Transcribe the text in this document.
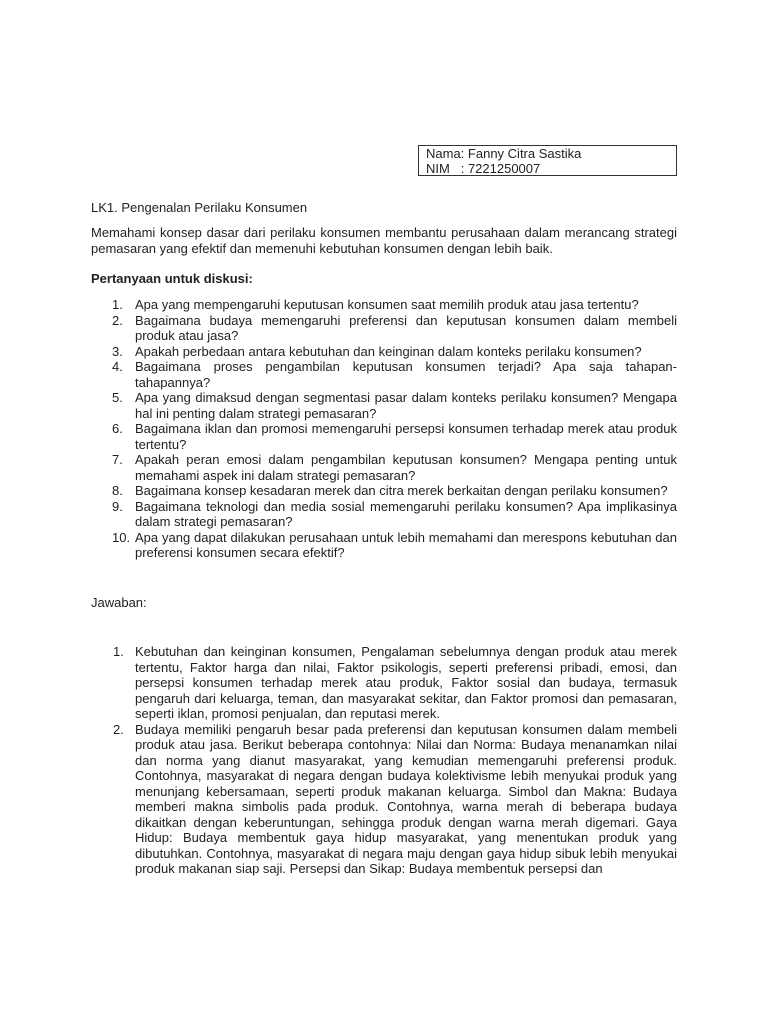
Nama: Fanny Citra Sastika
NIM : 7221250007
LK1. Pengenalan Perilaku Konsumen
Memahami konsep dasar dari perilaku konsumen membantu perusahaan dalam merancang strategi pemasaran yang efektif dan memenuhi kebutuhan konsumen dengan lebih baik.
Pertanyaan untuk diskusi:
1. Apa yang mempengaruhi keputusan konsumen saat memilih produk atau jasa tertentu?
2. Bagaimana budaya memengaruhi preferensi dan keputusan konsumen dalam membeli produk atau jasa?
3. Apakah perbedaan antara kebutuhan dan keinginan dalam konteks perilaku konsumen?
4. Bagaimana proses pengambilan keputusan konsumen terjadi? Apa saja tahapan-tahapannya?
5. Apa yang dimaksud dengan segmentasi pasar dalam konteks perilaku konsumen? Mengapa hal ini penting dalam strategi pemasaran?
6. Bagaimana iklan dan promosi memengaruhi persepsi konsumen terhadap merek atau produk tertentu?
7. Apakah peran emosi dalam pengambilan keputusan konsumen? Mengapa penting untuk memahami aspek ini dalam strategi pemasaran?
8. Bagaimana konsep kesadaran merek dan citra merek berkaitan dengan perilaku konsumen?
9. Bagaimana teknologi dan media sosial memengaruhi perilaku konsumen? Apa implikasinya dalam strategi pemasaran?
10. Apa yang dapat dilakukan perusahaan untuk lebih memahami dan merespons kebutuhan dan preferensi konsumen secara efektif?
Jawaban:
1. Kebutuhan dan keinginan konsumen, Pengalaman sebelumnya dengan produk atau merek tertentu, Faktor harga dan nilai, Faktor psikologis, seperti preferensi pribadi, emosi, dan persepsi konsumen terhadap merek atau produk, Faktor sosial dan budaya, termasuk pengaruh dari keluarga, teman, dan masyarakat sekitar, dan Faktor promosi dan pemasaran, seperti iklan, promosi penjualan, dan reputasi merek.
2. Budaya memiliki pengaruh besar pada preferensi dan keputusan konsumen dalam membeli produk atau jasa. Berikut beberapa contohnya: Nilai dan Norma: Budaya menanamkan nilai dan norma yang dianut masyarakat, yang kemudian memengaruhi preferensi produk. Contohnya, masyarakat di negara dengan budaya kolektivisme lebih menyukai produk yang menunjang kebersamaan, seperti produk makanan keluarga. Simbol dan Makna: Budaya memberi makna simbolis pada produk. Contohnya, warna merah di beberapa budaya dikaitkan dengan keberuntungan, sehingga produk dengan warna merah digemari. Gaya Hidup: Budaya membentuk gaya hidup masyarakat, yang menentukan produk yang dibutuhkan. Contohnya, masyarakat di negara maju dengan gaya hidup sibuk lebih menyukai produk makanan siap saji. Persepsi dan Sikap: Budaya membentuk persepsi dan
